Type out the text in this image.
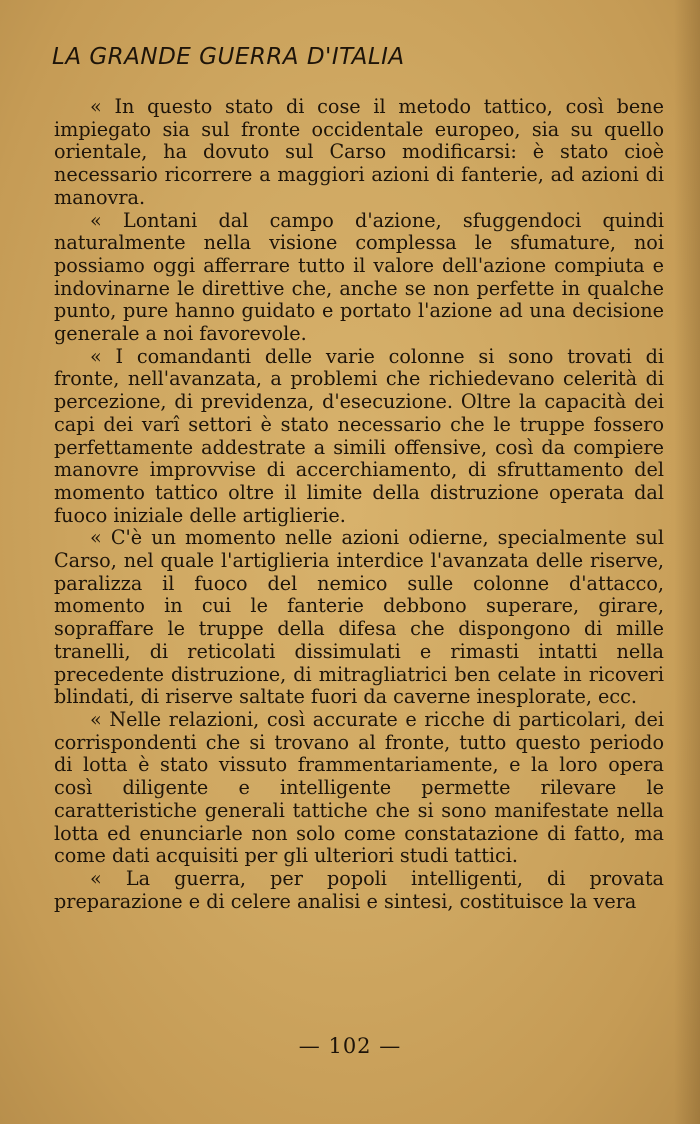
LA GRANDE GUERRA D'ITALIA

« In questo stato di cose il metodo tattico, così bene impiegato sia sul fronte occidentale europeo, sia su quello orientale, ha dovuto sul Carso modificarsi: è stato cioè necessario ricorrere a maggiori azioni di fanterie, ad azioni di manovra.

« Lontani dal campo d'azione, sfuggendoci quindi naturalmente nella visione complessa le sfumature, noi possiamo oggi afferrare tutto il valore dell'azione compiuta e indovinarne le direttive che, anche se non perfette in qualche punto, pure hanno guidato e portato l'azione ad una decisione generale a noi favorevole.

« I comandanti delle varie colonne si sono trovati di fronte, nell'avanzata, a problemi che richiedevano celerità di percezione, di previdenza, d'esecuzione. Oltre la capacità dei capi dei varî settori è stato necessario che le truppe fossero perfettamente addestrate a simili offensive, così da compiere manovre improvvise di accerchiamento, di sfruttamento del momento tattico oltre il limite della distruzione operata dal fuoco iniziale delle artiglierie.

« C'è un momento nelle azioni odierne, specialmente sul Carso, nel quale l'artiglieria interdice l'avanzata delle riserve, paralizza il fuoco del nemico sulle colonne d'attacco, momento in cui le fanterie debbono superare, girare, sopraffare le truppe della difesa che dispongono di mille tranelli, di reticolati dissimulati e rimasti intatti nella precedente distruzione, di mitragliatrici ben celate in ricoveri blindati, di riserve saltate fuori da caverne inesplorate, ecc.

« Nelle relazioni, così accurate e ricche di particolari, dei corrispondenti che si trovano al fronte, tutto questo periodo di lotta è stato vissuto frammentariamente, e la loro opera così diligente e intelligente permette rilevare le caratteristiche generali tattiche che si sono manifestate nella lotta ed enunciarle non solo come constatazione di fatto, ma come dati acquisiti per gli ulteriori studi tattici.

« La guerra, per popoli intelligenti, di provata preparazione e di celere analisi e sintesi, costituisce la vera

— 102 —
